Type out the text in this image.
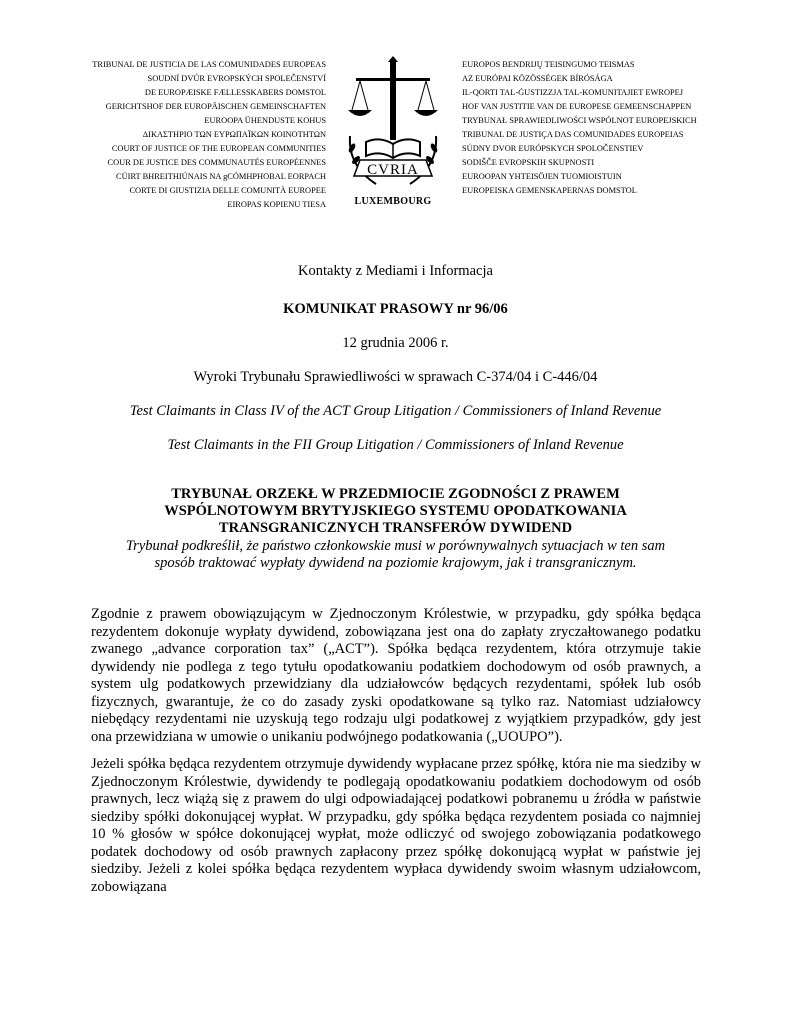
TRIBUNAL DE JUSTICIA DE LAS COMUNIDADES EUROPEAS
SOUDNÍ DVŮR EVROPSKÝCH SPOLEČENSTVÍ
DE EUROPÆISKE FÆLLESSKABERS DOMSTOL
GERICHTSHOF DER EUROPÄISCHEN GEMEINSCHAFTEN
EUROOPA ÜHENDUSTE KOHUS
ΔΙΚΑΣΤΗΡΙΟ ΤΩΝ ΕΥΡΩΠΑΪΚΩΝ ΚΟΙΝΟΤΗΤΩΝ
COURT OF JUSTICE OF THE EUROPEAN COMMUNITIES
COUR DE JUSTICE DES COMMUNAUTÉS EUROPÉENNES
CÚIRT BHREITHIÚNAIS NA gCÓMHPHOBAL EORPACH
CORTE DI GIUSTIZIA DELLE COMUNITÀ EUROPEE
EIROPAS KOPIENU TIESA
CVRIA
LUXEMBOURG
EUROPOS BENDRIJŲ TEISINGUMO TEISMAS
AZ EURÓPAI KÖZÖSSÉGEK BÍRÓSÁGA
IL-QORTI TAL-ĠUSTIZZJA TAL-KOMUNITAJIET EWROPEJ
HOF VAN JUSTITIE VAN DE EUROPESE GEMEENSCHAPPEN
TRYBUNAŁ SPRAWIEDLIWOŚCI WSPÓLNOT EUROPEJSKICH
TRIBUNAL DE JUSTIÇA DAS COMUNIDADES EUROPEIAS
SÚDNY DVOR EURÓPSKYCH SPOLOČENSTIEV
SODIŠČE EVROPSKIH SKUPNOSTI
EUROOPAN YHTEISÖJEN TUOMIOISTUIN
EUROPEISKA GEMENSKAPERNAS DOMSTOL
Kontakty z Mediami i Informacja
KOMUNIKAT PRASOWY nr 96/06
12 grudnia 2006 r.
Wyroki Trybunału Sprawiedliwości w sprawach C-374/04 i C-446/04
Test Claimants in Class IV of the ACT Group Litigation / Commissioners of Inland Revenue
Test Claimants in the FII Group Litigation / Commissioners of Inland Revenue
TRYBUNAŁ ORZEKŁ W PRZEDMIOCIE ZGODNOŚCI Z PRAWEM
WSPÓLNOTOWYM BRYTYJSKIEGO SYSTEMU OPODATKOWANIA
TRANSGRANICZNYCH TRANSFERÓW DYWIDEND
Trybunał podkreślił, że państwo członkowskie musi w porównywalnych sytuacjach w ten sam
sposób traktować wypłaty dywidend na poziomie krajowym, jak i transgranicznym.

Zgodnie z prawem obowiązującym w Zjednoczonym Królestwie, w przypadku, gdy spółka będąca rezydentem dokonuje wypłaty dywidend, zobowiązana jest ona do zapłaty zryczałtowanego podatku zwanego „advance corporation tax” („ACT”). Spółka będąca rezydentem, która otrzymuje takie dywidendy nie podlega z tego tytułu opodatkowaniu podatkiem dochodowym od osób prawnych, a system ulg podatkowych przewidziany dla udziałowców będących rezydentami, spółek lub osób fizycznych, gwarantuje, że co do zasady zyski opodatkowane są tylko raz. Natomiast udziałowcy niebędący rezydentami nie uzyskują tego rodzaju ulgi podatkowej z wyjątkiem przypadków, gdy jest ona przewidziana w umowie o unikaniu podwójnego podatkowania („UOUPO”).

Jeżeli spółka będąca rezydentem otrzymuje dywidendy wypłacane przez spółkę, która nie ma siedziby w Zjednoczonym Królestwie, dywidendy te podlegają opodatkowaniu podatkiem dochodowym od osób prawnych, lecz wiążą się z prawem do ulgi odpowiadającej podatkowi pobranemu u źródła w państwie siedziby spółki dokonującej wypłat. W przypadku, gdy spółka będąca rezydentem posiada co najmniej 10 % głosów w spółce dokonującej wypłat, może odliczyć od swojego zobowiązania podatkowego podatek dochodowy od osób prawnych zapłacony przez spółkę dokonującą wypłat w państwie jej siedziby. Jeżeli z kolei spółka będąca rezydentem wypłaca dywidendy swoim własnym udziałowcom, zobowiązana
